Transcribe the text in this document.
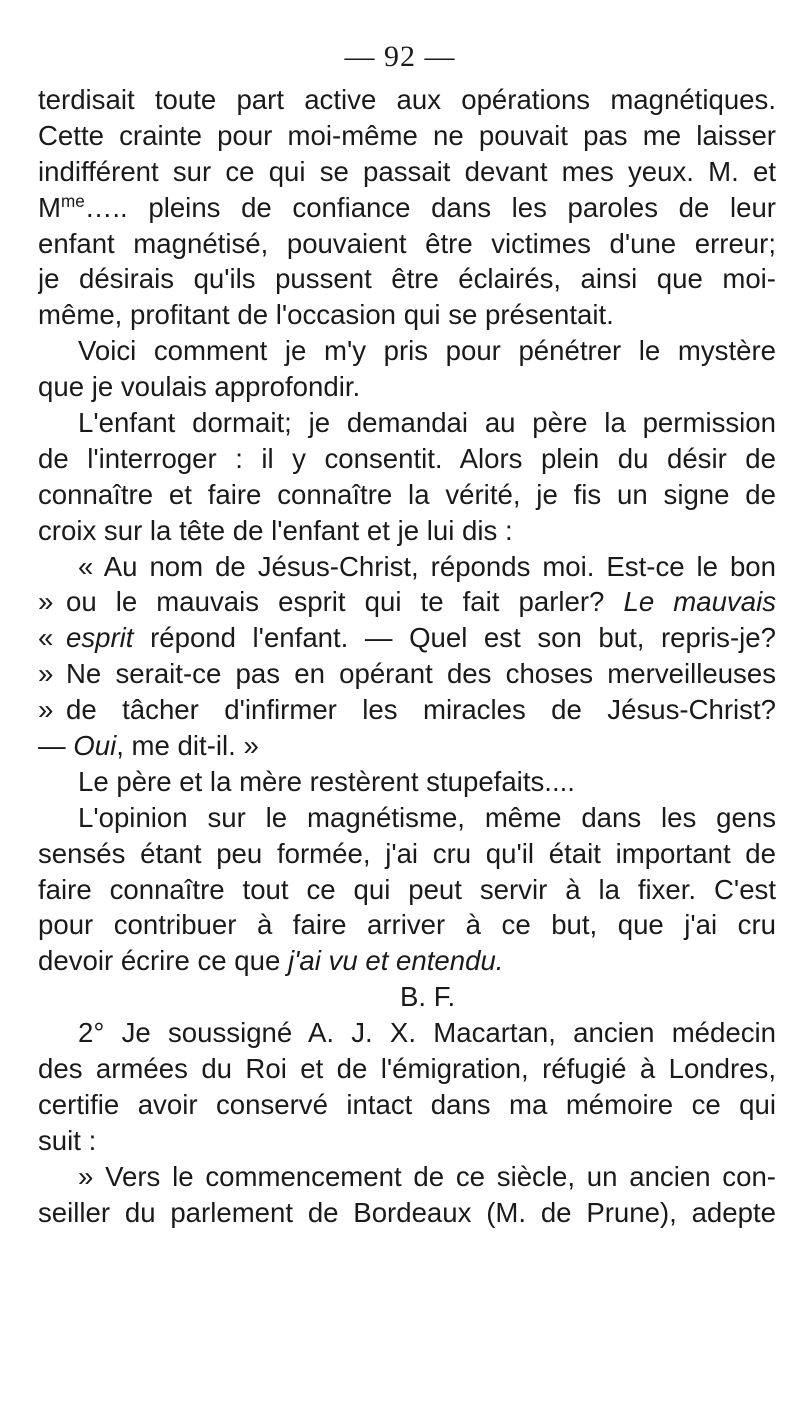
— 92 —
terdisait toute part active aux opérations magnétiques.
Cette crainte pour moi-même ne pouvait pas me laisser
indifférent sur ce qui se passait devant mes yeux. M. et
$M^{me}\dots$.. pleins de confiance dans les paroles de leur
enfant magnétisé, pouvaient être victimes d'une erreur;
je désirais qu'ils pussent être éclairés, ainsi que moi-
même, profitant de l'occasion qui se présentait.
Voici comment je m'y pris pour pénétrer le mystère
que je voulais approfondir.
L'enfant dormait; je demandai au père la permission
de l'interroger : il y consentit. Alors plein du désir de
connaître et faire connaître la vérité, je fis un signe de
croix sur la tête de l'enfant et je lui dis :
« Au nom de Jésus-Christ, réponds moi. Est-ce le bon
» ou le mauvais esprit qui te fait parler? Le mauvais
« esprit répond l'enfant. — Quel est son but, repris-je?
» Ne serait-ce pas en opérant des choses merveilleuses
» de tâcher d'infirmer les miracles de Jésus-Christ?
— Oui, me dit-il. »
Le père et la mère restèrent stupefaits....
L'opinion sur le magnétisme, même dans les gens
sensés étant peu formée, j'ai cru qu'il était important de
faire connaître tout ce qui peut servir à la fixer. C'est
pour contribuer à faire arriver à ce but, que j'ai cru
devoir écrire ce que j'ai vu et entendu.
B. F.
2° Je soussigné A. J. X. Macartan, ancien médecin
des armées du Roi et de l'émigration, réfugié à Londres,
certifie avoir conservé intact dans ma mémoire ce qui
suit :
» Vers le commencement de ce siècle, un ancien con-
seiller du parlement de Bordeaux (M. de Prune), adepte
